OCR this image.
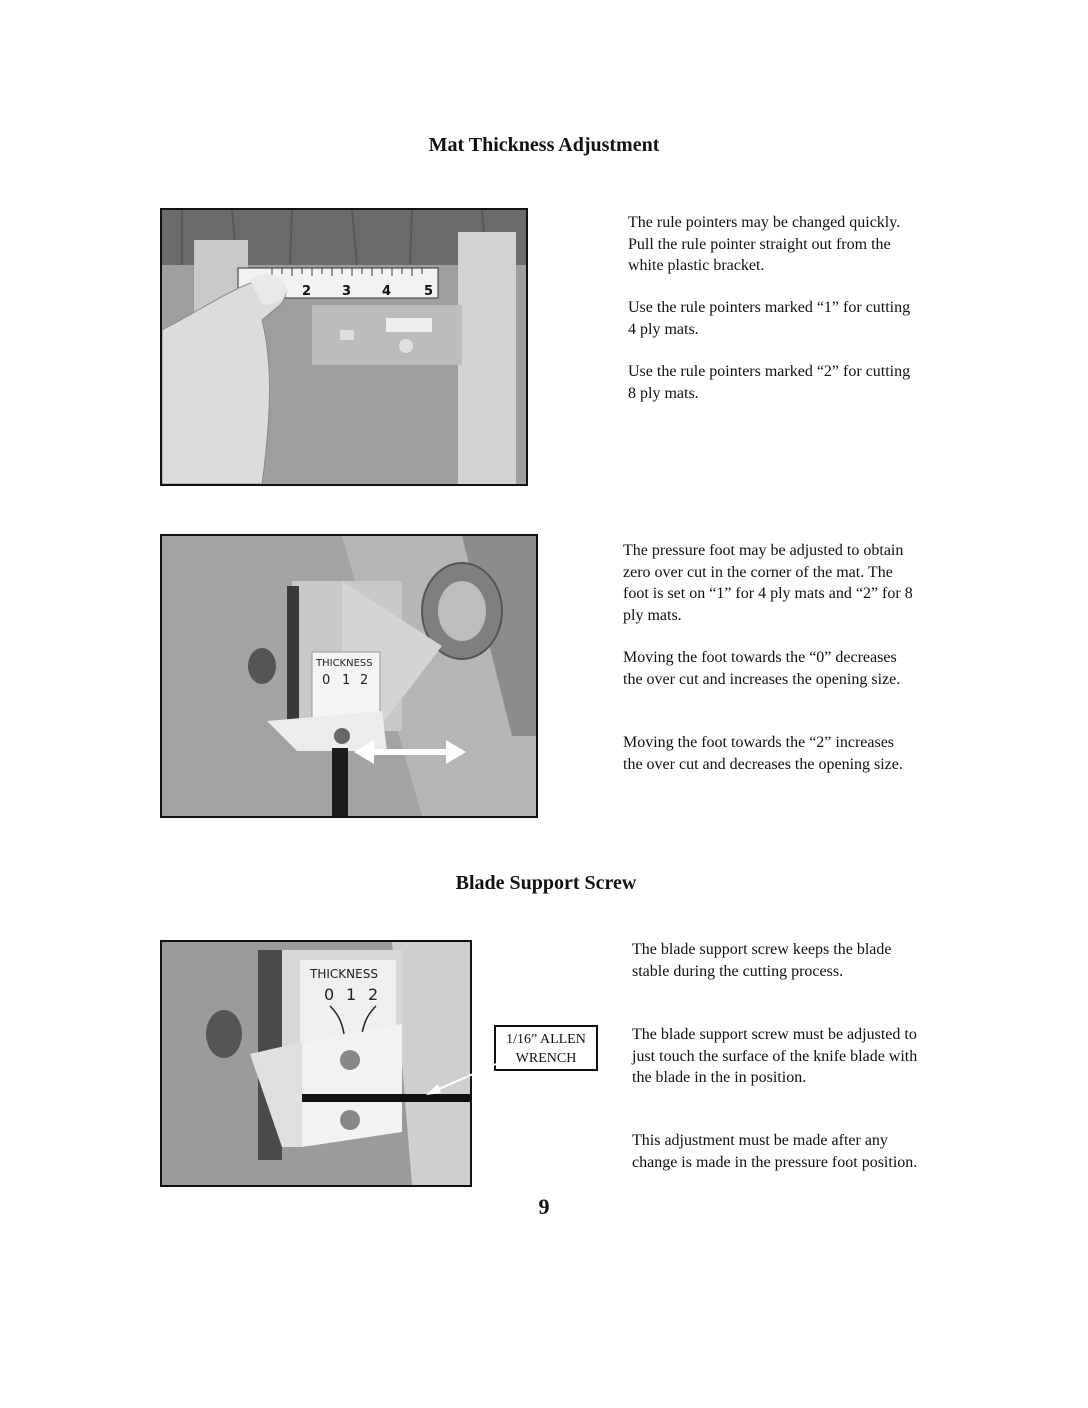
Mat Thickness Adjustment
2 3 4	5
The rule pointers may be changed quickly. Pull the rule pointer straight out from the white plastic bracket.
Use the rule pointers marked “1” for cutting 4 ply mats.
Use the rule pointers marked “2” for cutting 8 ply mats.
THICKNESS
0 1 2
The pressure foot may be adjusted to obtain zero over cut in the corner of the mat. The foot is set on “1” for 4 ply mats and “2” for 8 ply mats.
Moving the foot towards the “0” decreases the over cut and increases the opening size.
Moving the foot towards the “2” increases the over cut and decreases the opening size.
Blade Support Screw
THICKNESS
0 1 2
1/16” ALLEN
WRENCH
The blade support screw keeps the blade stable during the cutting process.
The blade support screw must be adjusted to just touch the surface of the knife blade with the blade in the in position.
This adjustment must be made after any change is made in the pressure foot position.
9
